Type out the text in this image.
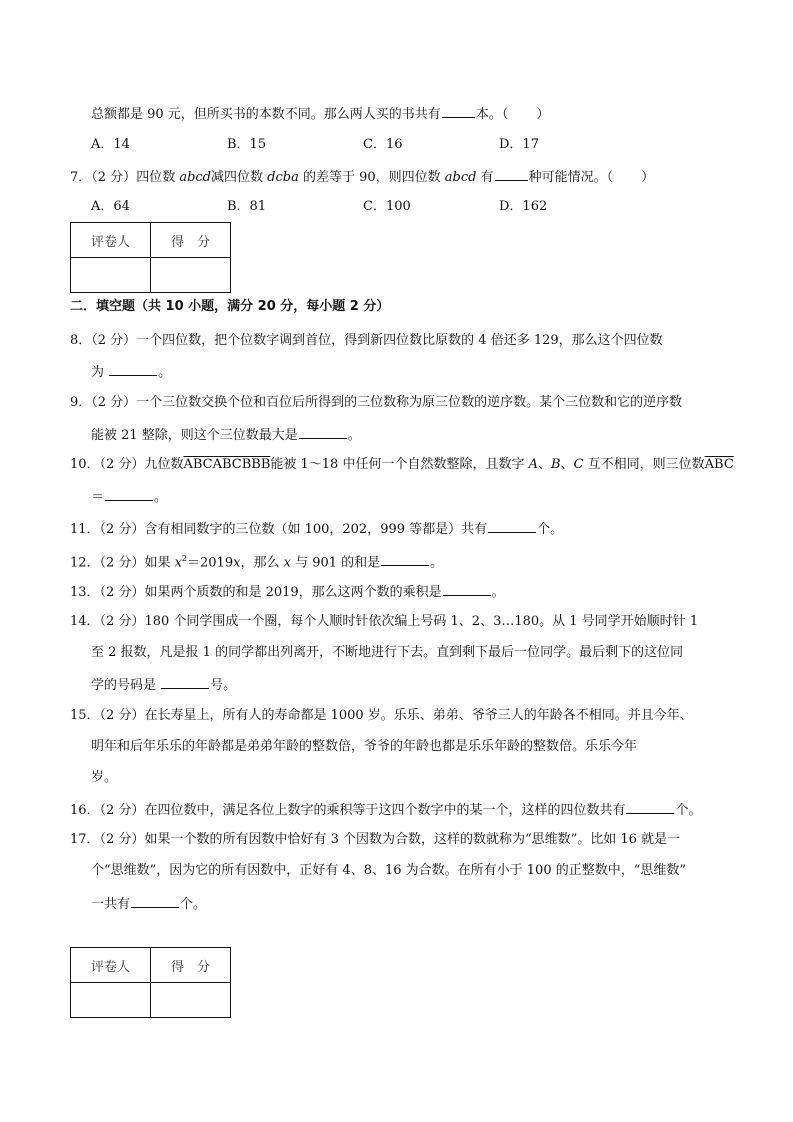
总额都是 90 元，但所买书的本数不同。那么两人买的书共有	本。（ ）
A．14	B．15	C．16	D．17
7．（2 分）四位数 abcd减四位数 dcba 的差等于 90，则四位数 abcd 有	种可能情况。（ ）
A．64	B．81	C．100	D．162
评卷人	得　分

二．填空题（共 10 小题，满分 20 分，每小题 2 分）
8．（2 分）一个四位数，把个位数字调到首位，得到新四位数比原数的 4 倍还多 129，那么这个四位数
为	。
9．（2 分）一个三位数交换个位和百位后所得到的三位数称为原三位数的逆序数。某个三位数和它的逆序数
能被 21 整除，则这个三位数最大是	。
10．（2 分）九位数ABCABCBBB能被 1～18 中任何一个自然数整除，且数字 A、B、C 互不相同，则三位数$\overline{ABC}$
＝	。
11．（2 分）含有相同数字的三位数（如 100，202，999 等都是）共有	个。
12．（2 分）如果 $x^2=2019x$，那么 x 与 901 的和是	。
13．（2 分）如果两个质数的和是 2019，那么这两个数的乘积是	。
14．（2 分）180 个同学围成一个圈，每个人顺时针依次编上号码 1、2、3…180。从 1 号同学开始顺时针 1
至 2 报数，凡是报 1 的同学都出列离开，不断地进行下去。直到剩下最后一位同学。最后剩下的这位同
学的号码是	号。
15．（2 分）在长寿星上，所有人的寿命都是 1000 岁。乐乐、弟弟、爷爷三人的年龄各不相同。并且今年、
明年和后年乐乐的年龄都是弟弟年龄的整数倍，爷爷的年龄也都是乐乐年龄的整数倍。乐乐今年
岁。
16．（2 分）在四位数中，满足各位上数字的乘积等于这四个数字中的某一个，这样的四位数共有	个。
17．（2 分）如果一个数的所有因数中恰好有 3 个因数为合数，这样的数就称为“思维数”。比如 16 就是一
个“思维数”，因为它的所有因数中，正好有 4、8、16 为合数。在所有小于 100 的正整数中，“思维数”
一共有	个。
评卷人	得　分
